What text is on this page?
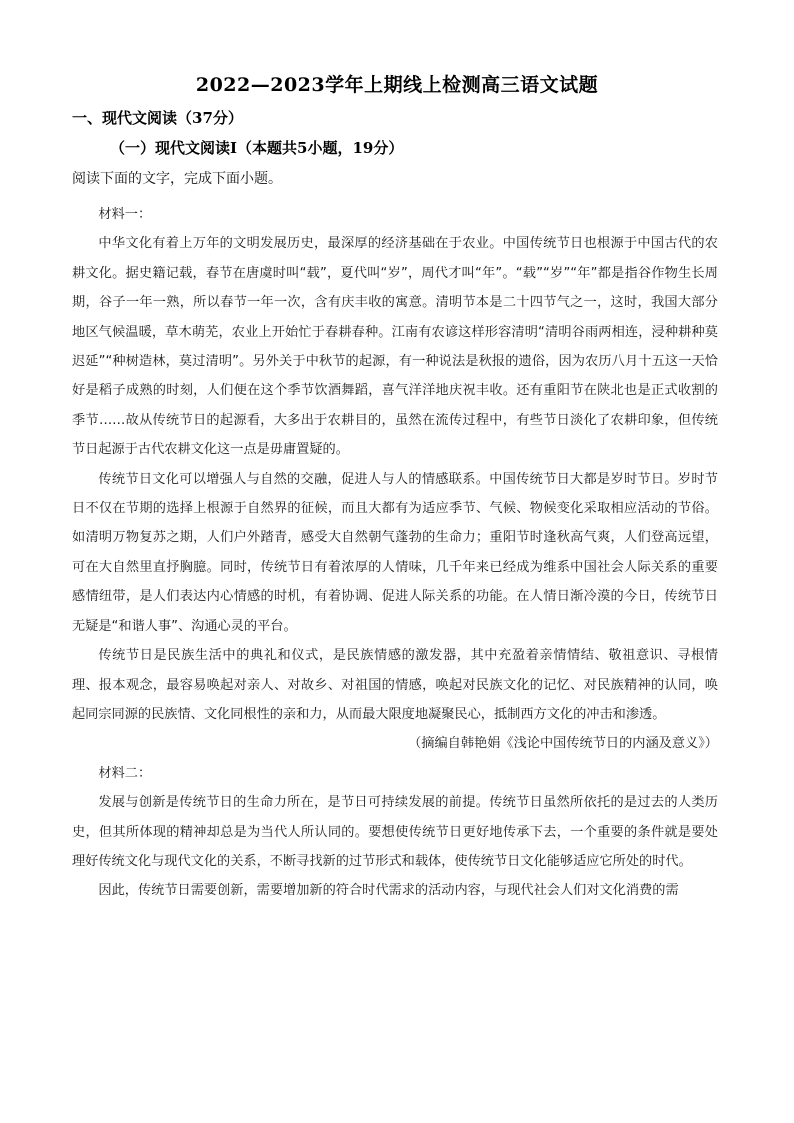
2022—2023学年上期线上检测高三语文试题
一、现代文阅读（37分）
（一）现代文阅读Ⅰ（本题共5小题，19分）
阅读下面的文字，完成下面小题。

材料一：

中华文化有着上万年的文明发展历史，最深厚的经济基础在于农业。中国传统节日也根源于中国古代的农耕文化。据史籍记载，春节在唐虞时叫“载”，夏代叫“岁”，周代才叫“年”。“载”“岁”“年”都是指谷作物生长周期，谷子一年一熟，所以春节一年一次，含有庆丰收的寓意。清明节本是二十四节气之一，这时，我国大部分地区气候温暖，草木萌芜，农业上开始忙于春耕春种。江南有农谚这样形容清明“清明谷雨两相连，浸种耕种莫迟延”“种树造林，莫过清明”。另外关于中秋节的起源，有一种说法是秋报的遗俗，因为农历八月十五这一天恰好是稻子成熟的时刻，人们便在这个季节饮酒舞蹈，喜气洋洋地庆祝丰收。还有重阳节在陕北也是正式收割的季节……故从传统节日的起源看，大多出于农耕目的，虽然在流传过程中，有些节日淡化了农耕印象，但传统节日起源于古代农耕文化这一点是毋庸置疑的。

传统节日文化可以增强人与自然的交融，促进人与人的情感联系。中国传统节日大都是岁时节日。岁时节日不仅在节期的选择上根源于自然界的征候，而且大都有为适应季节、气候、物候变化采取相应活动的节俗。如清明万物复苏之期，人们户外踏青，感受大自然朝气蓬勃的生命力；重阳节时逢秋高气爽，人们登高远望，可在大自然里直抒胸臆。同时，传统节日有着浓厚的人情味，几千年来已经成为维系中国社会人际关系的重要感情纽带，是人们表达内心情感的时机，有着协调、促进人际关系的功能。在人情日渐冷漠的今日，传统节日无疑是“和谐人事”、沟通心灵的平台。

传统节日是民族生活中的典礼和仪式，是民族情感的激发器，其中充盈着亲情情结、敬祖意识、寻根情理、报本观念，最容易唤起对亲人、对故乡、对祖国的情感，唤起对民族文化的记忆、对民族精神的认同，唤起同宗同源的民族情、文化同根性的亲和力，从而最大限度地凝聚民心，抵制西方文化的冲击和渗透。

（摘编自韩艳娟《浅论中国传统节日的内涵及意义》）

材料二：

发展与创新是传统节日的生命力所在，是节日可持续发展的前提。传统节日虽然所依托的是过去的人类历史，但其所体现的精神却总是为当代人所认同的。要想使传统节日更好地传承下去，一个重要的条件就是要处理好传统文化与现代文化的关系，不断寻找新的过节形式和载体，使传统节日文化能够适应它所处的时代。

因此，传统节日需要创新，需要增加新的符合时代需求的活动内容，与现代社会人们对文化消费的需
